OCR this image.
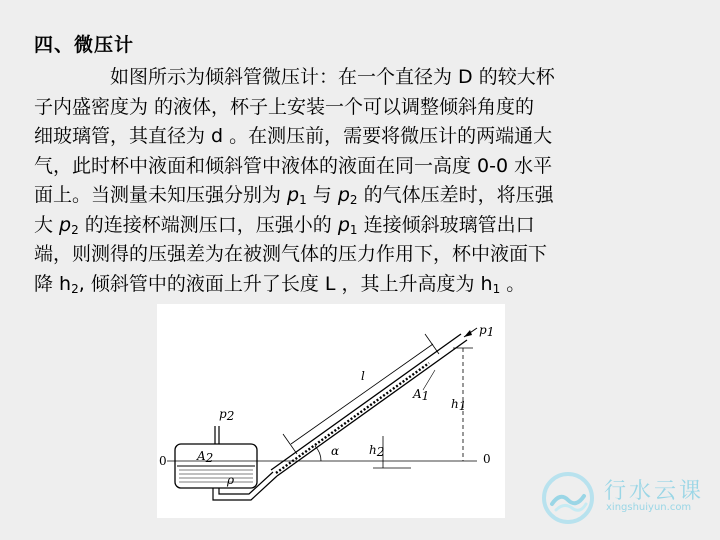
四、微压计
如图所示为倾斜管微压计：在一个直径为 D 的较大杯
子内盛密度为 的液体，杯子上安装一个可以调整倾斜角度的
细玻璃管，其直径为 d 。在测压前，需要将微压计的两端通大
气，此时杯中液面和倾斜管中液体的液面在同一高度 0-0 水平
面上。当测量未知压强分别为 $p_1$ 与 $p_2$ 的气体压差时，将压强
大 $p_2$ 的连接杯端测压口，压强小的 $p_1$ 连接倾斜玻璃管出口
端，则测得的压强差为在被测气体的压力作用下，杯中液面下
降 $h_2$, 倾斜管中的液面上升了长度 L ，其上升高度为 $h_1$ 。
p2
A2
ρ
0	0
p1
l
A1
h1
h2
α
行水云课
xingshuiyun.com
